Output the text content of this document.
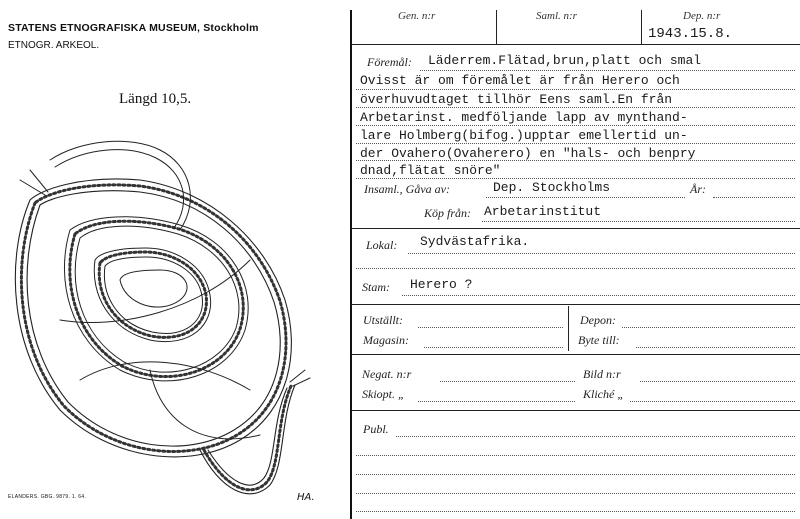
STATENS ETNOGRAFISKA MUSEUM, Stockholm
ETNOGR. ARKEOL.
Längd 10,5.
ELANDERS. GBG. 9879. 1. 64.	HA.
Gen. n:r	Saml. n:r	Dep. n:r
1943.15.8.
Föremål: Läderrem.Flätad,brun,platt och smal
Ovisst är om föremålet är från Herero och
överhuvudtaget tillhör Eens saml.En från
Arbetarinst. medföljande lapp av mynthand-
lare Holmberg(bifog.)upptar emellertid un-
der Ovahero(Ovaherero) en "hals- och benpry
dnad,flätat snöre"
Insaml., Gåva av:	Dep. Stockholms	År:
Köp från: Arbetarinstitut
Lokal: Sydvästafrika.
Stam: Herero ?
Utställt:	Depon:
Magasin:	Byte till:
Negat. n:r	Bild n:r
Skiopt. „	Kliché „
Publ.
